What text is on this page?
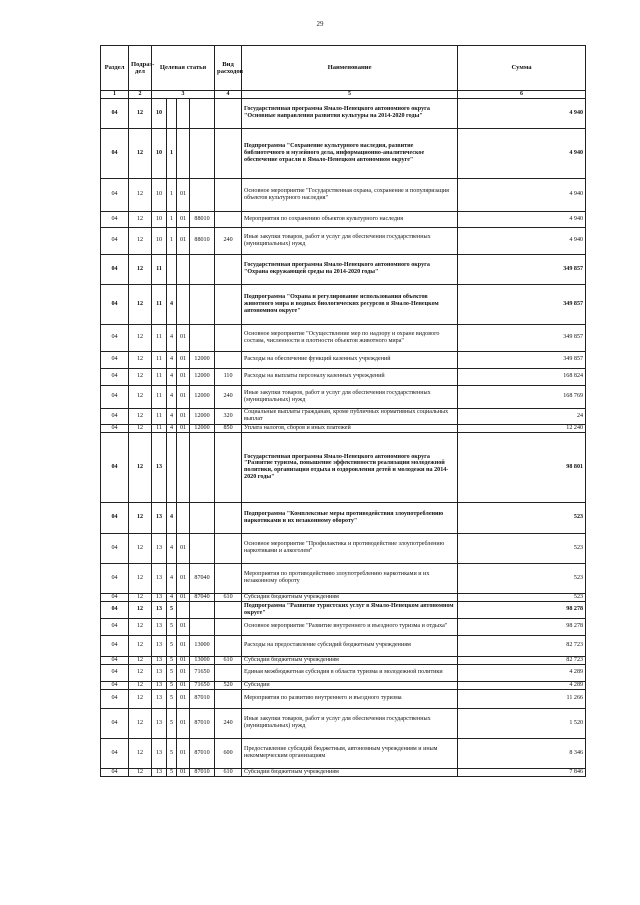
29
Раздел	Подраз-дел	Целевая статья				Вид расходов	Наименование	Сумма
1	2	3				4	5	6
04	12	10					Государственная программа Ямало-Ненецкого автономного округа "Основные направления развития культуры на 2014-2020 годы"	4 940
04	12	10	1				Подпрограмма "Сохранение культурного наследия, развитие библиотечного и музейного дела, информационно-аналитическое обеспечение отрасли в Ямало-Ненецком автономном округе"	4 940
04	12	10	1	01			Основное мероприятие "Государственная охрана, сохранение и популяризация объектов культурного наследия"	4 940
04	12	10	1	01	88010		Мероприятия по сохранению объектов культурного наследия	4 940
04	12	10	1	01	88010	240	Иные закупки товаров, работ и услуг для обеспечения государственных (муниципальных) нужд	4 940
04	12	11					Государственная программа Ямало-Ненецкого автономного округа "Охрана окружающей среды на 2014-2020 годы"	349 857
04	12	11	4				Подпрограмма "Охрана и регулирование использования объектов животного мира и водных биологических ресурсов в Ямало-Ненецком автономном округе"	349 857
04	12	11	4	01			Основное мероприятие "Осуществление мер по надзору и охране видового состава, численности и плотности объектов животного мира"	349 857
04	12	11	4	01	12000		Расходы на обеспечение функций казенных учреждений	349 857
04	12	11	4	01	12000	110	Расходы на выплаты персоналу казенных учреждений	168 824
04	12	11	4	01	12000	240	Иные закупки товаров, работ и услуг для обеспечения государственных (муниципальных) нужд	168 769
04	12	11	4	01	12000	320	Социальные выплаты гражданам, кроме публичных нормативных социальных выплат	24
04	12	11	4	01	12000	850	Уплата налогов, сборов и иных платежей	12 240
04	12	13					Государственная программа Ямало-Ненецкого автономного округа "Развитие туризма, повышение эффективности реализации молодежной политики, организация отдыха и оздоровления детей и молодежи на 2014-2020 годы"	98 801
04	12	13	4				Подпрограмма "Комплексные меры противодействия злоупотреблению наркотиками и их незаконному обороту"	523
04	12	13	4	01			Основное мероприятие "Профилактика и противодействие злоупотреблению наркотиками и алкоголем"	523
04	12	13	4	01	87040		Мероприятия по противодействию злоупотреблению наркотиками и их незаконному обороту	523
04	12	13	4	01	87040	610	Субсидии бюджетным учреждениям	523
04	12	13	5				Подпрограмма "Развитие туристских услуг в Ямало-Ненецком автономном округе"	98 278
04	12	13	5	01			Основное мероприятие "Развитие внутреннего и въездного туризма и отдыха"	98 278
04	12	13	5	01	13000		Расходы на предоставление субсидий бюджетным учреждениям	82 723
04	12	13	5	01	13000	610	Субсидии бюджетным учреждениям	82 723
04	12	13	5	01	71650		Единая межбюджетная субсидия в области туризма и молодежной политики	4 289
04	12	13	5	01	71650	520	Субсидии	4 289
04	12	13	5	01	87010		Мероприятия по развитию внутреннего и въездного туризма	11 266
04	12	13	5	01	87010	240	Иные закупки товаров, работ и услуг для обеспечения государственных (муниципальных) нужд	1 520
04	12	13	5	01	87010	600	Предоставление субсидий бюджетным, автономным учреждениям и иным некоммерческим организациям	8 346
04	12	13	5	01	87010	610	Субсидии бюджетным учреждениям	7 846
